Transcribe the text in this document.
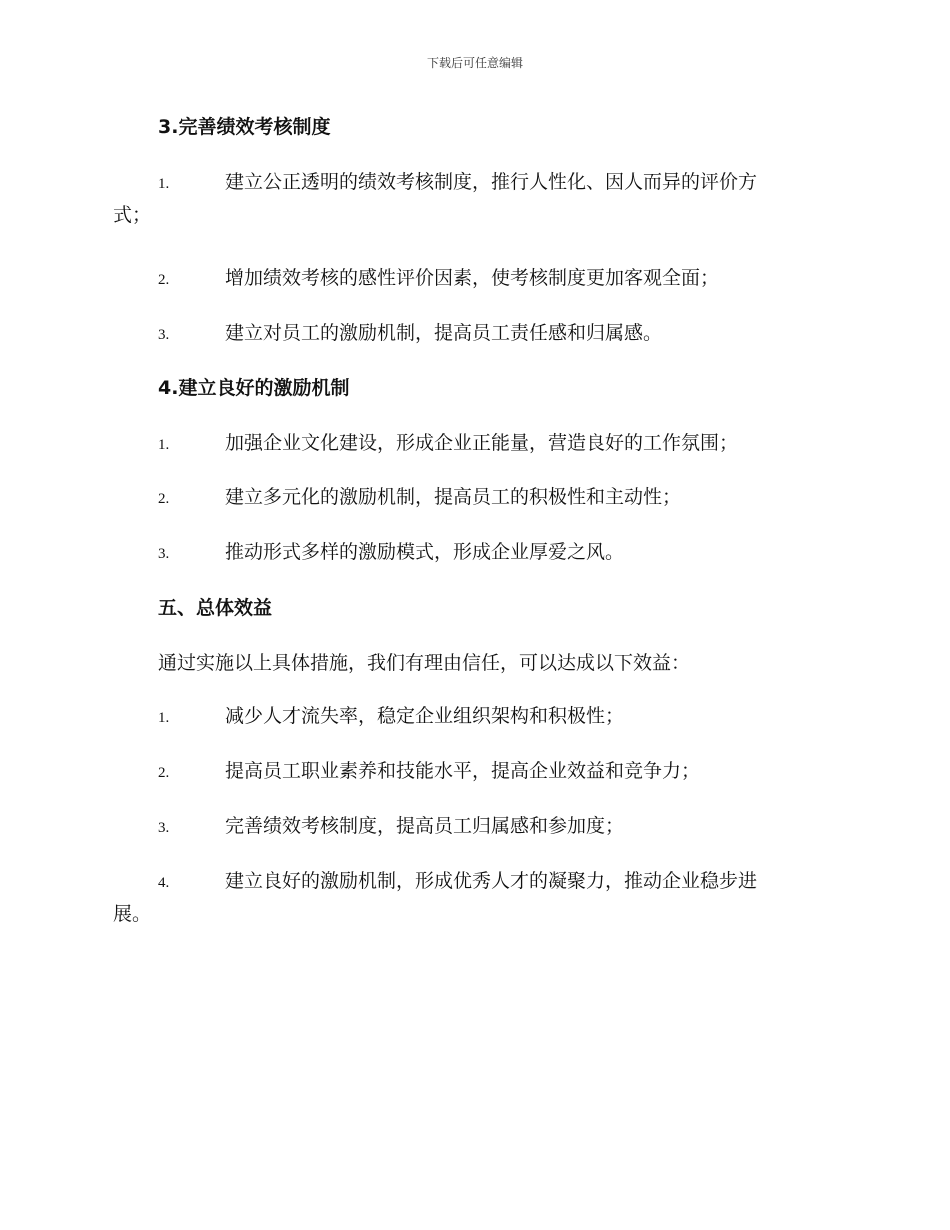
下载后可任意编辑
3.完善绩效考核制度
1.	建立公正透明的绩效考核制度，推行人性化、因人而异的评价方
式；
2.	增加绩效考核的感性评价因素，使考核制度更加客观全面；
3.	建立对员工的激励机制，提高员工责任感和归属感。
4.建立良好的激励机制
1.	加强企业文化建设，形成企业正能量，营造良好的工作氛围；
2.	建立多元化的激励机制，提高员工的积极性和主动性；
3.	推动形式多样的激励模式，形成企业厚爱之风。
五、总体效益
通过实施以上具体措施，我们有理由信任，可以达成以下效益：
1.	减少人才流失率，稳定企业组织架构和积极性；
2.	提高员工职业素养和技能水平，提高企业效益和竞争力；
3.	完善绩效考核制度，提高员工归属感和参加度；
4.	建立良好的激励机制，形成优秀人才的凝聚力，推动企业稳步进
展。
